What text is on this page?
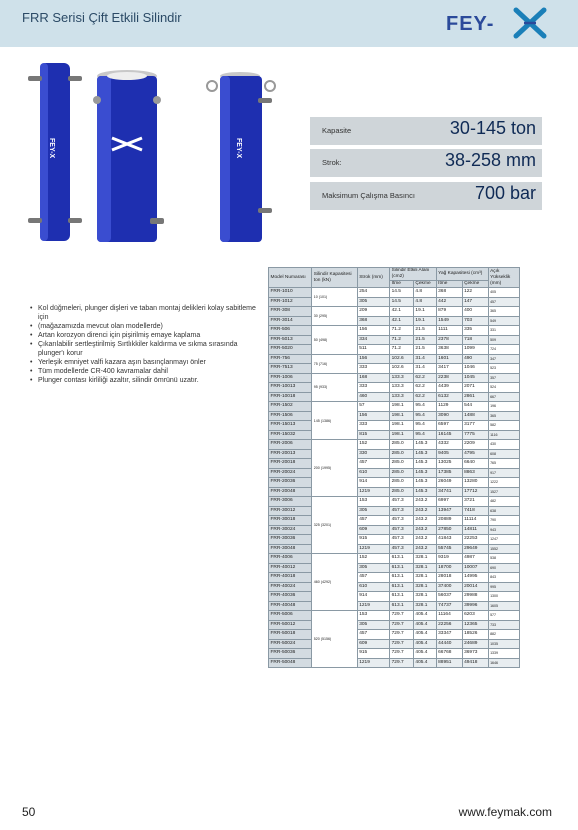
FRR Serisi Çift Etkili Silindir	FEY-
FEY-X	FEY-X
Kapasite	30-145 ton
Strok:	38-258 mm
Maksimum Çalışma Basıncı	700 bar
• Kol düğmeleri, plunger dişleri ve taban montaj delikleri kolay sabitleme için
• (mağazamızda mevcut olan modellerde)
• Artan korozyon direnci için pişirilmiş emaye kaplama
• Çıkarılabilir sertleştirilmiş Sırtlıkkiler kaldırma ve sıkma sırasında plunger'ı korur
• Yerleşik emniyet valfi kazara aşın basınçlanmayı önler
• Tüm modellerde CR-400 kavramalar dahil
• Plunger contası kirliliği azaltır, silindir ömrünü uzatır.
Model Numarası	Silindir Kapasitesi ton (kN)	Strok (mm)	Silindir Etkili Alanı (cm2)		Yağ Kapasitesi (cm³)		Açık Yükseklik (mm)
			İtme	Çekme	İtme	Çekme	
FRR-1010	10 (101)	254	14.5	4.8	368	122	405
FRR-1012		305	14.5	4.8	442	147	457
FRR-308	30 (295)	209	42.1	19.1	879	400	365
FRR-3014		368	42.1	19.1	1549	703	549
FRR-506	50 (498)	156	71.2	21.5	1111	335	331
FRR-5013		334	71.2	21.5	2378	718	509
FRR-5020		511	71.2	21.5	3638	1099	724
FRR-756	75 (716)	156	102.6	31.4	1601	490	347
FRR-7513		333	102.6	31.4	3417	1046	523
FRR-1006	95 (933)	168	133.3	62.2	2238	1045	357
FRR-10013		333	133.3	62.2	4439	2071	524
FRR-10018		460	133.3	62.2	6132	2861	667
FRR-1502	145 (1386)	57	198.1	95.4	1129	544	196
FRR-1506		156	198.1	95.4	3090	1488	365
FRR-15013		333	198.1	95.4	6597	3177	582
FRR-15032		815	198.1	95.4	16145	7775	1116
FRR-2006	200 (1995)	152	285.0	145.3	4332	2209	430
FRR-20013		330	285.0	145.3	9405	4795	608
FRR-20018		457	285.0	145.3	13025	6640	765
FRR-20024		610	285.0	145.3	17385	8863	917
FRR-20036		914	285.0	145.3	26049	13280	1222
FRR-20048		1219	285.0	145.3	34741	17712	1527
FRR-3006	325 (3201)	153	457.3	243.2	6997	3721	482
FRR-30012		305	457.3	243.2	13947	7418	638
FRR-30018		457	457.3	243.2	20889	11114	790
FRR-30024		609	457.3	243.2	27850	14811	943
FRR-30036		915	457.3	243.2	41843	22253	1247
FRR-30048		1219	457.3	243.2	55745	29649	1552
FRR-4006	460 (4292)	152	613.1	328.1	9319	4987	538
FRR-40012		305	613.1	328.1	18700	10007	690
FRR-40018		457	613.1	328.1	28018	14995	843
FRR-40024		610	613.1	328.1	37400	20014	995
FRR-40036		914	613.1	328.1	56037	29988	1300
FRR-40048		1219	613.1	328.1	74737	39996	1605
FRR-5006	520 (5156)	153	729.7	405.4	11164	6203	577
FRR-50012		305	729.7	405.4	22256	12365	733
FRR-50018		457	729.7	405.4	33347	18526	882
FRR-50024		609	729.7	405.4	44440	24689	1035
FRR-50036		915	729.7	405.4	66768	36973	1339
FRR-50048		1219	729.7	405.4	88951	49418	1646
50	www.feymak.com
